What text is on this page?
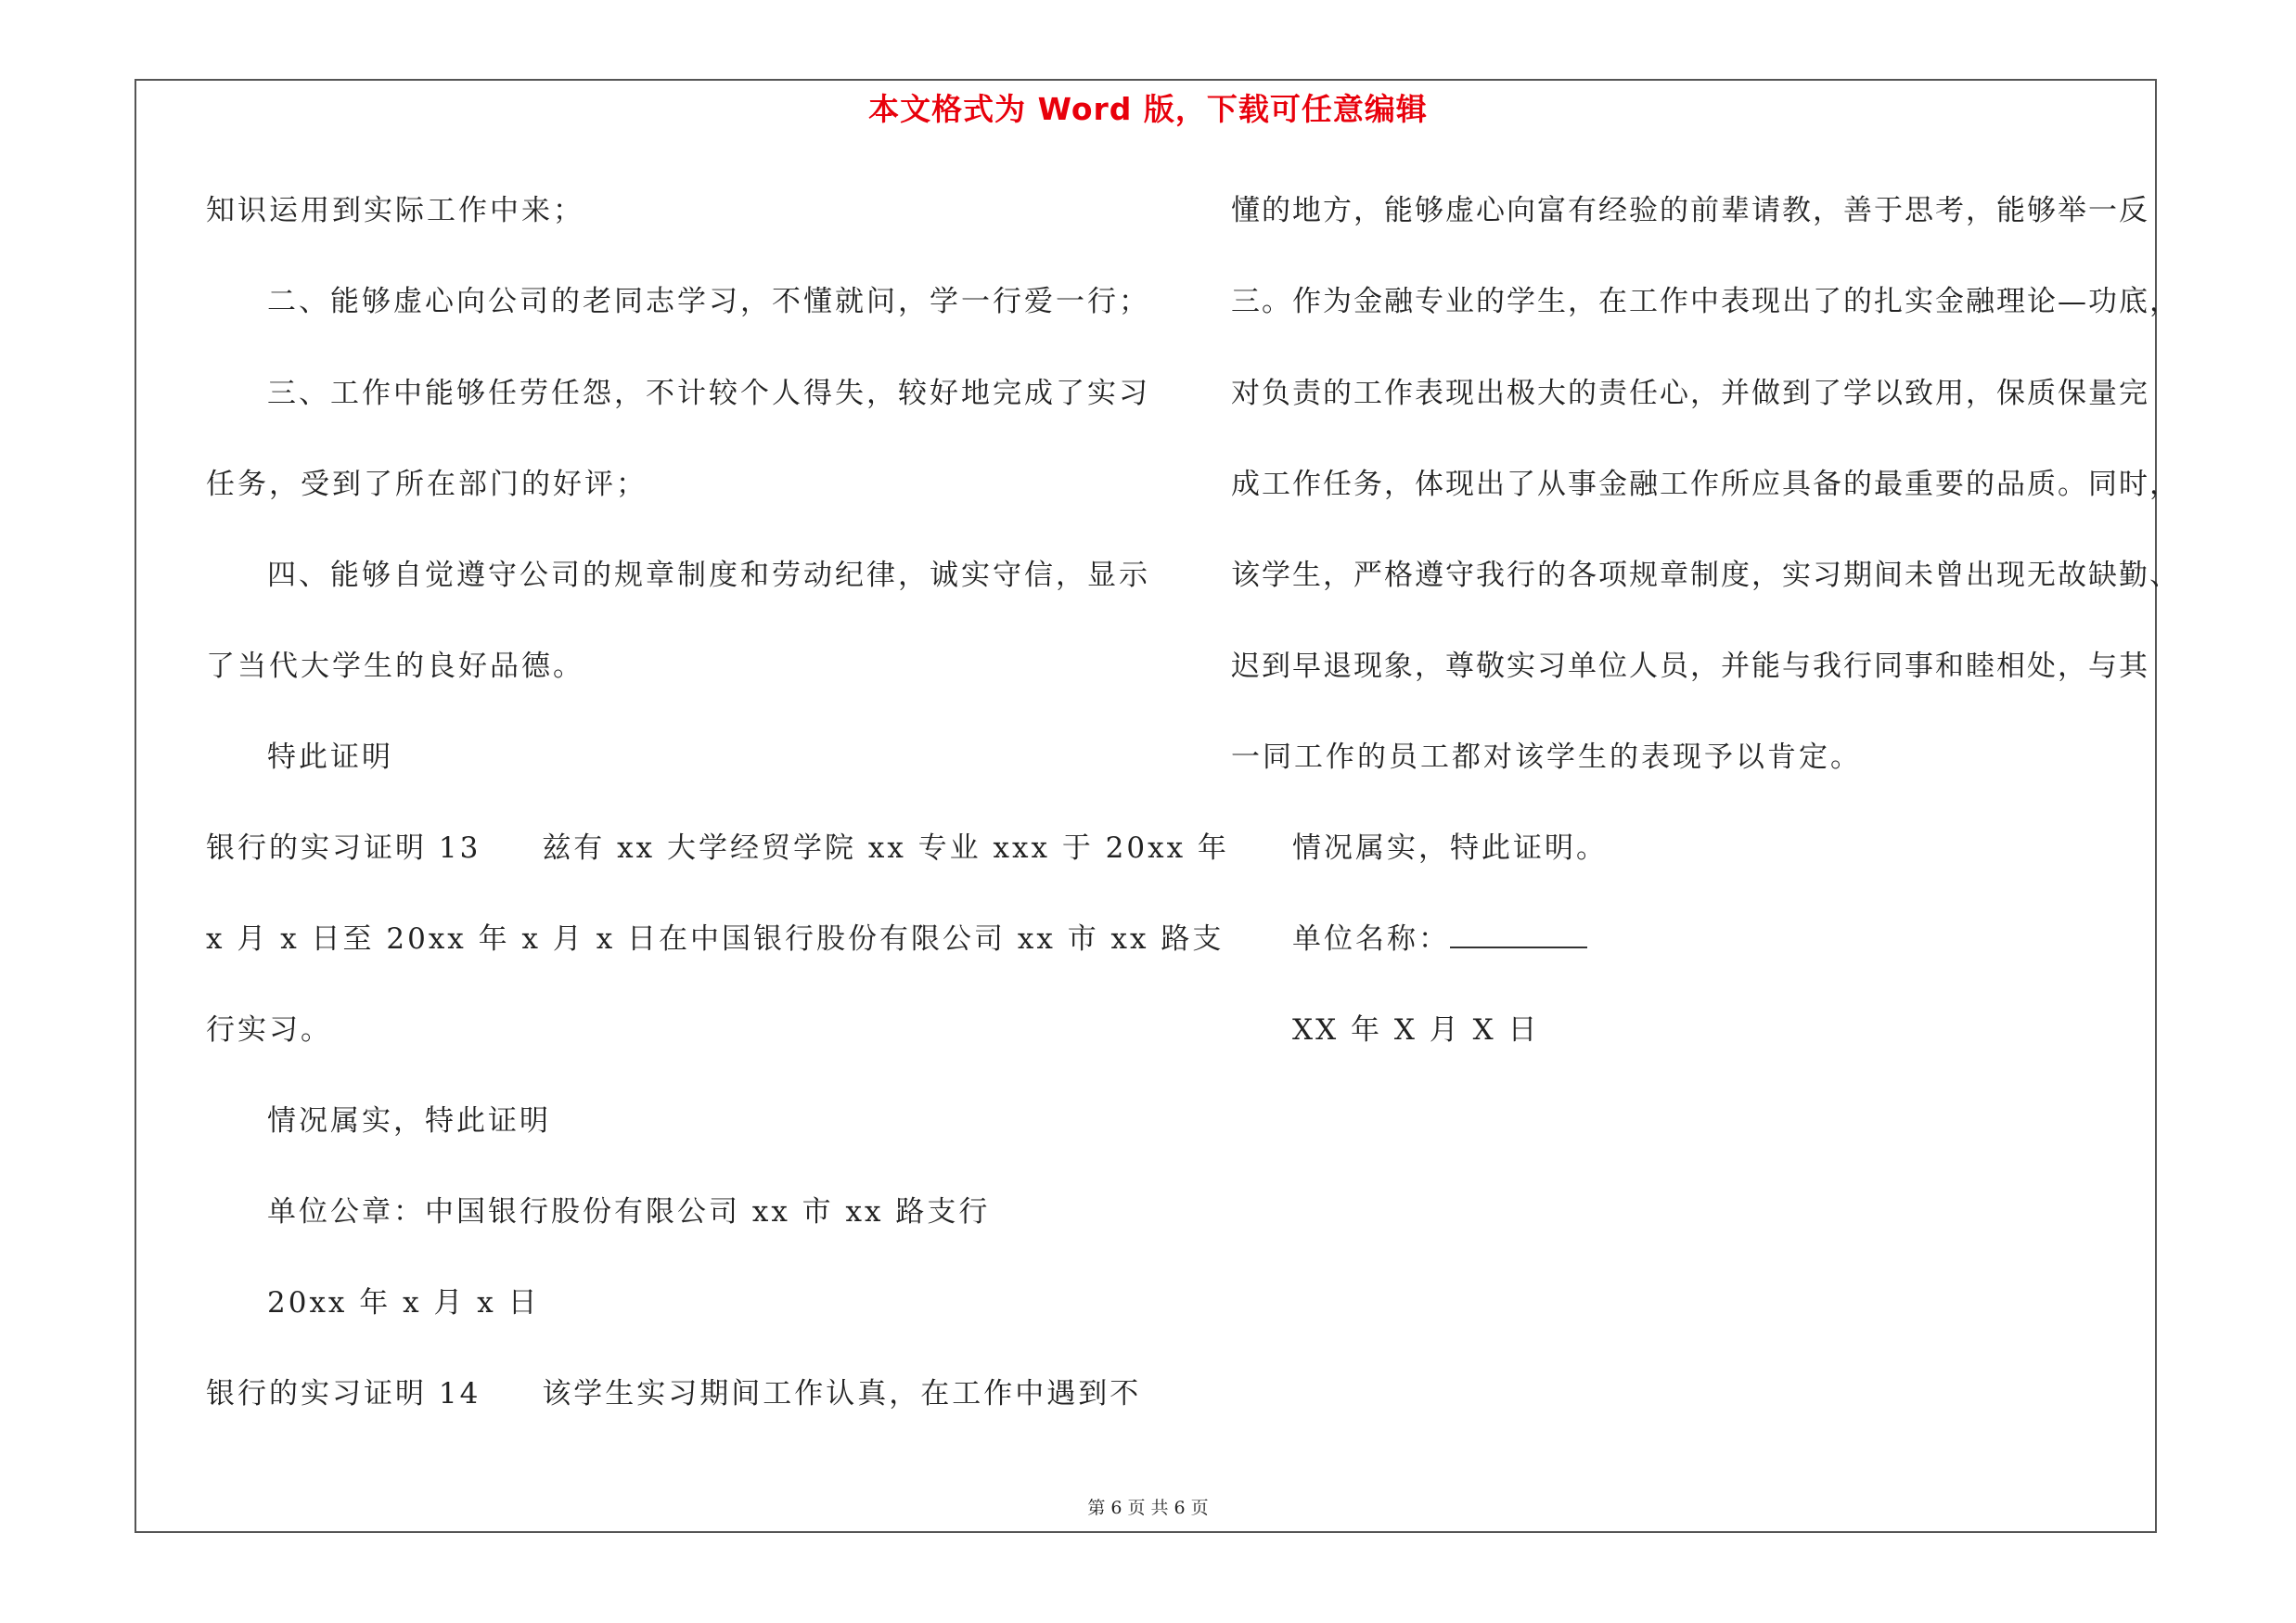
本文格式为 Word 版，下载可任意编辑
知识运用到实际工作中来；
二、能够虚心向公司的老同志学习，不懂就问，学一行爱一行；
三、工作中能够任劳任怨，不计较个人得失，较好地完成了实习
任务，受到了所在部门的好评；
四、能够自觉遵守公司的规章制度和劳动纪律，诚实守信，显示
了当代大学生的良好品德。
特此证明
银行的实习证明 13 兹有 xx 大学经贸学院 xx 专业 xxx 于 20xx 年
x 月 x 日至 20xx 年 x 月 x 日在中国银行股份有限公司 xx 市 xx 路支
行实习。
情况属实，特此证明
单位公章：中国银行股份有限公司 xx 市 xx 路支行
20xx 年 x 月 x 日
银行的实习证明 14 该学生实习期间工作认真，在工作中遇到不
懂的地方，能够虚心向富有经验的前辈请教，善于思考，能够举一反
三。作为金融专业的学生，在工作中表现出了的扎实金融理论—功底，
对负责的工作表现出极大的责任心，并做到了学以致用，保质保量完
成工作任务，体现出了从事金融工作所应具备的最重要的品质。同时，
该学生，严格遵守我行的各项规章制度，实习期间未曾出现无故缺勤、
迟到早退现象，尊敬实习单位人员，并能与我行同事和睦相处，与其
一同工作的员工都对该学生的表现予以肯定。
情况属实，特此证明。
单位名称：
XX 年 X 月 X 日
第 6 页 共 6 页
